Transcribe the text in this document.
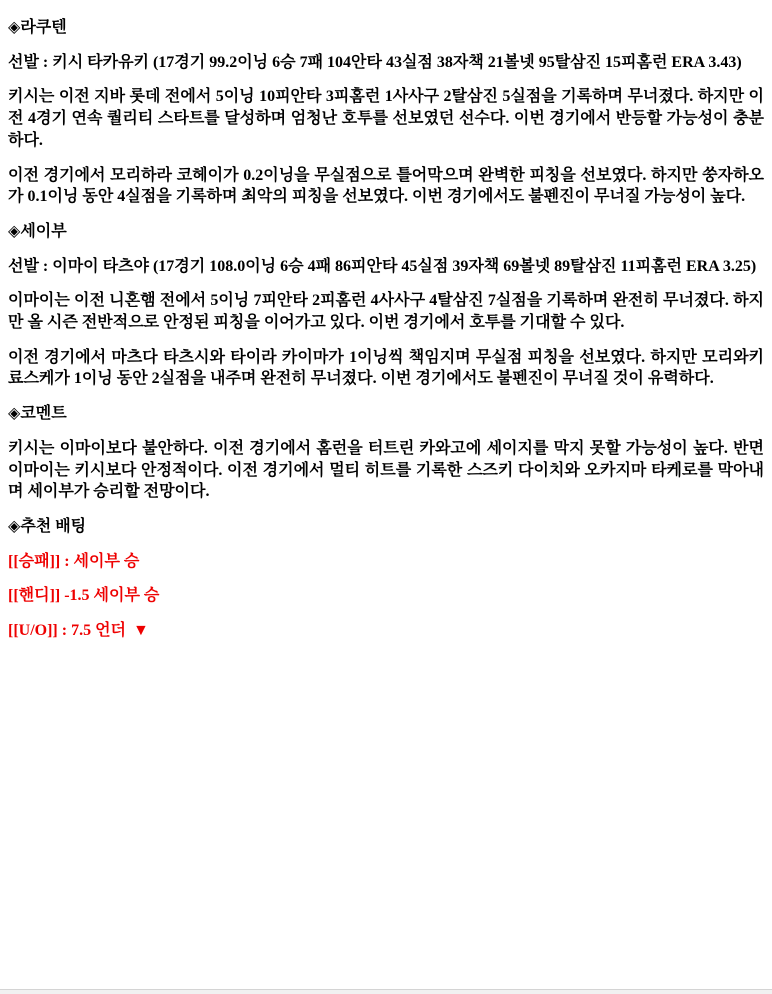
◈라쿠텐

선발 : 키시 타카유키 (17경기 99.2이닝 6승 7패 104안타 43실점 38자책 21볼넷 95탈삼진 15피홈런 ERA 3.43)

키시는 이전 지바 롯데 전에서 5이닝 10피안타 3피홈런 1사사구 2탈삼진 5실점을 기록하며 무너졌다. 하지만 이전 4경기 연속 퀄리티 스타트를 달성하며 엄청난 호투를 선보였던 선수다. 이번 경기에서 반등할 가능성이 충분하다.

이전 경기에서 모리하라 코헤이가 0.2이닝을 무실점으로 틀어막으며 완벽한 피칭을 선보였다. 하지만 쑹자하오가 0.1이닝 동안 4실점을 기록하며 최악의 피칭을 선보였다. 이번 경기에서도 불펜진이 무너질 가능성이 높다.

◈세이부

선발 : 이마이 타츠야 (17경기 108.0이닝 6승 4패 86피안타 45실점 39자책 69볼넷 89탈삼진 11피홈런 ERA 3.25)

이마이는 이전 니혼햄 전에서 5이닝 7피안타 2피홈런 4사사구 4탈삼진 7실점을 기록하며 완전히 무너졌다. 하지만 올 시즌 전반적으로 안정된 피칭을 이어가고 있다. 이번 경기에서 호투를 기대할 수 있다.

이전 경기에서 마츠다 타츠시와 타이라 카이마가 1이닝씩 책임지며 무실점 피칭을 선보였다. 하지만 모리와키 료스케가 1이닝 동안 2실점을 내주며 완전히 무너졌다. 이번 경기에서도 불펜진이 무너질 것이 유력하다.

◈코멘트

키시는 이마이보다 불안하다. 이전 경기에서 홈런을 터트린 카와고에 세이지를 막지 못할 가능성이 높다. 반면 이마이는 키시보다 안정적이다. 이전 경기에서 멀티 히트를 기록한 스즈키 다이치와 오카지마 타케로를 막아내며 세이부가 승리할 전망이다.

◈추천 배팅

[[승패]] : 세이부 승

[[핸디]] -1.5 세이부 승

[[U/O]] : 7.5 언더 ▼
